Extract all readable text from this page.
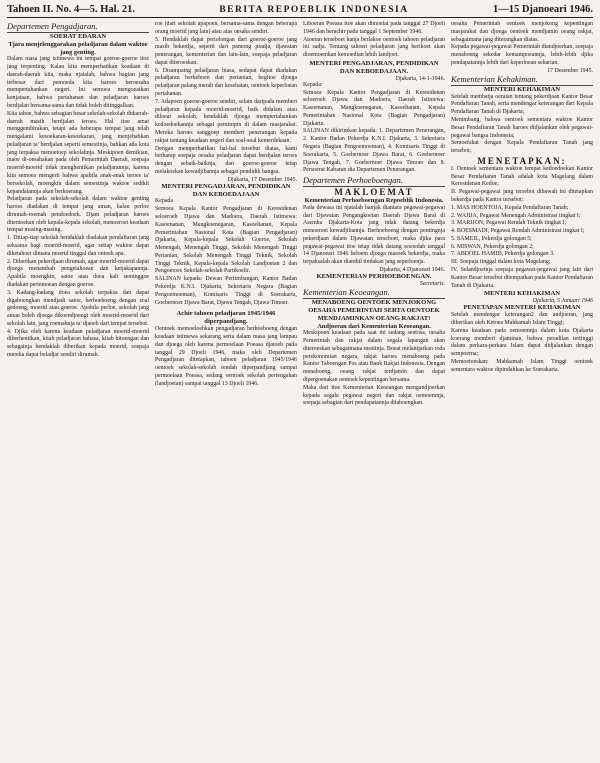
Tahoen II. No. 4—5. Hal. 21.	BERITA REPOEBLIK INDONESIA	1—15 Djanoeari 1946.
Departemen Pengadjaran.
SOERAT EDARAN
Tjara menjelenggarakan peladjaran dalam waktoe jang genting.
Dalam masa jang istimewa ini tempat goeroe-goeroe itoe jang terpenting. Kalau kita memperhatikan keadaan di daerah-daerah kita, maka njatalah, bahwa bagian jang terbesar dari pemoeda kita haroes beroesaha mempertahankan negeri. Ini semoea mengoeatkan kenjataan, bahwa pertahanan dan peladjaran haroes berdjalan bersama-sama dan tidak boleh ditinggalkan.
Kita tahoe, bahwa sebagian besar sekolah-sekolah didaerah-daerah masih berdjalan teroes. Hal itoe amat menggembirakan, tetapi ada beberapa tempat jang telah mengalami kesoekaran-kesoekaran, jang menjebabkan peladjaran ta' berdjalan seperti semestinja, bahkan ada kota jang terpaksa menoetoep sekolahnja. Meskipoen demikian, maoe di-oesahakan pada oleh Pemerintah Daerah, soepaja moerid-moerid tidak menghentikan peladjarannja, karena kita semoea mengerti bahwa apabila anak-anak teroes ta' bersekolah, moengkin dalam semestinja waktoe sedikit kepandaiannja akan berkoerang.
Peladjaran pada sekolah-sekolah dalam waktoe genting haroes diadakan di tempat jang aman, kalau perloe dirumah-roemah pendoedoek. Djam peladjaran haroes ditentoekan oleh kepala-kepala sekolah, menoeroet keadaan tempat masing-masing.
1. Ditiap-tiap sekolah hendaklah diadakan pendaftaran jang seksama bagi moerid-moerid, agar setiap waktoe dapat diketahoei dimana moerid tinggal dan ontoek apa.
2. Diberikan pekerdjaan dirumah, agar moerid-moerid dapat djoega menambah pengetahoean dan ketjakapannja. Apabila moengkin, satoe atau doea kali seminggoe diadakan pertemoean dengan goeroe.
3. Kadang-kadang doea sekolah terpaksa dan dapat digaboengkan mendjadi satoe, berhoeboeng dengan soal gedoeng, moerid atau goeroe. Apabila perloe, sekolah jang aman boleh djoega dikoendjoengi oleh moerid-moerid dari sekolah lain, jang roemahnja ta' djaoeh dari tempat tersebot.
4. Djika oleh karena keadaan peladjaran moerid-moerid diberhentikan, kitab peladjaran bahasa, kitab hitoengan dan sebagainja hendaklah diberikan kepada moerid, soepaja mereka dapat beladjar sendiri dirumah.
roe (dari sekolah apapoen, bersama-sama dengan beberapa orang moerid jang lain) atau atas oesaha sendiri.
5. Hendaklah dapat pertolongan dari goeroe-goeroe jang masih bekerdja, seperti dari pamong pradja, djawatan penerangan, kementerian dan lain-lain, soepaja peladjaran dapat diteroeskan.
6. Disampaing peladjaran biasa, sedapat dapat diadakan peladjaran berkeboen dan pertanian, begitoe djoega peladjaran palang merah dan kesehatan, oentoek keperloean pertahanan.
7. Adapoen goeroe-goeroe sendiri, selain daripada memberi peladjaran kepada moerid-moerid, baik didalam atau diloear sekolah, hendaklah djoega mempertahankan kedoedoekannja sebagai pemimpin di dalam masjarakat. Mereka haroes sanggoep memberi penerangan kepada rakjat tentang keadaan negeri dan soal-soal kemerdekaan.
Dengan memperhatikan hal-hal tersebut diatas, kami berharap soepaja oesaha peladjaran dapat berdjalan teroes dengan sebaik-baiknja, dan goeroe-goeroe tetap melakoekan kewadjibannja sebagai pendidik bangsa.
Djakarta, 17 Desember 1945.
MENTERI PENGADJARAN, PENDIDIKAN DAN KEBOEDAJAAN
Kepada
Semoea Kepala Kantor Pengadjaran di Keresidenan seloeroeh Djawa dan Madoera, Daerah Istimewa: Kasoenanan, Mangkoenegaran, Kasoeltanan, Kepala Pemerintahan Nasional Kota (Bagian Pengadjaran) Djakarta, Kepala-kepala Sekolah Goeroe, Sekolah Menengah, Menengah Tinggi, Sekolah Menengah Tinggi Pertanian, Sekolah Menengah Tinggi Teknik, Sekolah Tinggi Teknik, Kepala-kepala Sekolah Landjoetan 2 dan Pengoeroes Sekolah-sekolah Partikoelir.
SALINAN kepada: Dewan Pertimbangan, Kantor Badan Pekerdja K.N.I. Djakarta, Sekretaris Negara (Bagian Pengoemoeman), Komisaris Tinggi di Soerakarta, Goebernoer Djawa Barat, Djawa Tengah, Djawa Timoer.
Achir tahoen peladjaran 1945/1946 diperpandjang.
Oentoek memoeloehkan pengadjaran berhoeboeng dengan keadaan istimewa sekarang serta dalam masa jang lampau dan djoega oleh karena permoelaan Poeasa djatoeh pada tanggal 29 Djoeli 1946, maka oleh Departemen Pengadjaran ditetapkan, tahoen peladjaran 1945/1946 oentoek sekolah-sekolah rendah diperpandjang sampai permoelaan Poeasa, sedang oentoek sekolah pertengahan (landjoetan) sampai tanggal 13 Djoeli 1946.
Liboeran Poeasa itoe akan dimoelai pada tanggal 27 Djoeli 1946 dan berachir pada tanggal 1 September 1946.
Atoeran terseboet hanja berlakoe oentoek tahoen peladjaran ini sadja. Tentang tahoen peladjaran jang berikoet akan dioemoemkan kemoedian lebih landjoet.
MENTERI PENGADJARAN, PENDIDIKAN DAN KEBOEDAJAAN.
Djakarta, 14-1-1946.
Kepada:
Semoea Kepala Kantor Pengadjaran di Keresidenan seloeroeh Djawa dan Madoera, Daerah Istimewa: Kasoenanan, Mangkoenegaran, Kasoeltanan, Kepala Pemerintahan Nasional Kota (Bagian Pengadjaran) Djakarta.
SALINAN dikirimkan kepada: 1. Departemen Penerangan, 2. Kantor Badan Pekerdja K.N.I. Djakarta, 3. Sekretaris Negara (Bagian Pengoemoeman), 4. Komisaris Tinggi di Soerakarta, 5. Goebernoer Djawa Barat, 6. Goebernoer Djawa Tengah, 7. Goebernoer Djawa Timoer dan 8. Persoerat Kabaran dia Departemen Penerangan.
Departemen Perhoeboengan.
MAKLOEMAT
Kementerian Perhoeboengan Repoeblik Indonesia.
Pada dewasa ini njatalah banjak diantara pegawai-pegawai dari Djawatan Pengangkoetan Daerah Djawa Barat di Asemka Djakarta-Kota jang tidak datang bekerdja menoeroet kewadjibannja. Berhoeboeng dengan pentingnja pekerdjaan dalam Djawatan terseboet, maka djika para pegawai-pegawai itoe tetap tidak datang sesoedah tanggal 14 Djanoeari 1946 beloem djoega masoek bekerdja, maka terpaksalah akan diambil tindakan jang seperloenja.
Djakarta, 4 Djanoeari 1946.
KEMENTERIAN PERHOEBOENGAN.
Secretaris.
Kementerian Keoeangan.
MENABOENG OENTOEK MENJOKONG OESAHA PEMERINTAH SERTA OENTOEK MENDJAMINKAN OEANG RAKJAT!
Andjoeran dari Kementerian Keoeangan.
Meskipoen keadaan pada saat ini sedang sentosa, oesaha Pemerintah dan rakjat dalam segala lapangan akan diteroeskan sebagaimana mestinja. Boeat melantjarkan roda perekonomian negara, rakjat haroes menaboeng pada Kantor Taboengan Pos atau Bank Rakjat Indonesia. Dengan menaboeng, oeang rakjat terdjamin dan dapat dipergoenakan oentoek kepentingan bersama.
Maka dari itoe Kementerian Keoeangan mengandjoerkan kepada segala pegawai negeri dan rakjat oemoemnja, soepaja sebagian dari pendapatannja ditaboengkan.
oesaha Pemerintah oentoek menjokong kepentingan masjarakat dan djoega oentoek mendjamin oeang rakjat, sebagaimana jang diterangkan diatas.
Kepada pegawai-pegawai Pemerintah diandjoerkan, soepaja menaboeng sekedar kemampoeannja, lebih-lebih djika pendapatannja lebih dari keperloean seharian.
17 Desember 1945.
Kementerian Kehakiman.
MENTERI KEHAKIMAN
Setelah membatja oeraian tentang pekerdjaan Kantor Besar Pendaftaran Tanah, serta mendengar keterangan dari Kepala Pendaftaran Tanah di Djakarta;
Menimbang, bahwa oentoek sementara waktoe Kantor Besar Pendaftaran Tanah haroes didjalankan oleh pegawai-pegawai bangsa Indonesia;
Semoefakat dengan Kepala Pendaftaran Tanah jang tersebot;
MENETAPKAN:
I. Oentoek sementara waktoe tempat kedoedoekan Kantor Besar Pendaftaran Tanah adalah kota Magelang dalam Keresidenan Kedoe;
II. Pegawai-pegawai jang tersebot dibawah ini ditetapkan bekerdja pada Kantor tersebot:
1. MAS HOENTOJA, Kepala Pendaftaran Tanah;
2. WAJIJA, Pegawai Menengah Administrasi tingkat I;
3. MARIJON, Pegawai Rendah Teknik tingkat I;
4. BOESMADI, Pegawai Rendah Administrasi tingkat I;
5. SAMEIL, Pekerdja golongan 5;
6. MISWAN, Pekerdja golongan 2;
7. ABDOEL HAMID, Pekerdja golongan 3.
III. Soepaja tinggal dalam kota Magelang;
IV. Selandjoetnja soepaja pegawai-pegawai jang lain dari Kantor Besar tersebot ditempatkan pada Kantor Pendaftaran Tanah di Djakarta.
MENTERI KEHAKIMAN
Djakarta, 5 Januari 1946
PENETAPAN MENTERI KEHAKIMAN
Setelah mendengar keterangan2 dan andjoeran, jang diberikan oleh Ketoea Mahkamah Islam Tinggi;
Karena keadaan pada oemoemnja dalam kota Djakarta koerang memberi djaminan, bahwa peradilan tertinggi dalam perkara-perkara Islam dapat didjalankan dengan sempoerna;
Memoetoeskan: Mahkamah Islam Tinggi oentoek sementara waktoe dipindahkan ke Soerakarta.
